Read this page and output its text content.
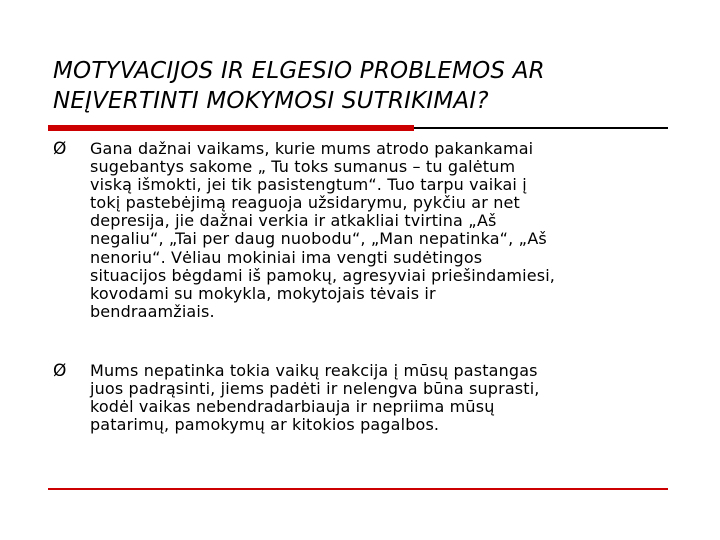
MOTYVACIJOS IR ELGESIO PROBLEMOS AR
NEĮVERTINTI MOKYMOSI SUTRIKIMAI?
Ø Gana dažnai vaikams, kurie mums atrodo pakankamai
sugebantys sakome „ Tu toks sumanus – tu galėtum
viską išmokti, jei tik pasistengtum“. Tuo tarpu vaikai į
tokį pastebėjimą reaguoja užsidarymu, pykčiu ar net
depresija, jie dažnai verkia ir atkakliai tvirtina „Aš
negaliu“, „Tai per daug nuobodu“, „Man nepatinka“, „Aš
nenoriu“. Vėliau mokiniai ima vengti sudėtingos
situacijos bėgdami iš pamokų, agresyviai priešindamiesi,
kovodami su mokykla, mokytojais tėvais ir
bendraamžiais.
Ø Mums nepatinka tokia vaikų reakcija į mūsų pastangas
juos padrąsinti, jiems padėti ir nelengva būna suprasti,
kodėl vaikas nebendradarbiauja ir nepriima mūsų
patarimų, pamokymų ar kitokios pagalbos.
